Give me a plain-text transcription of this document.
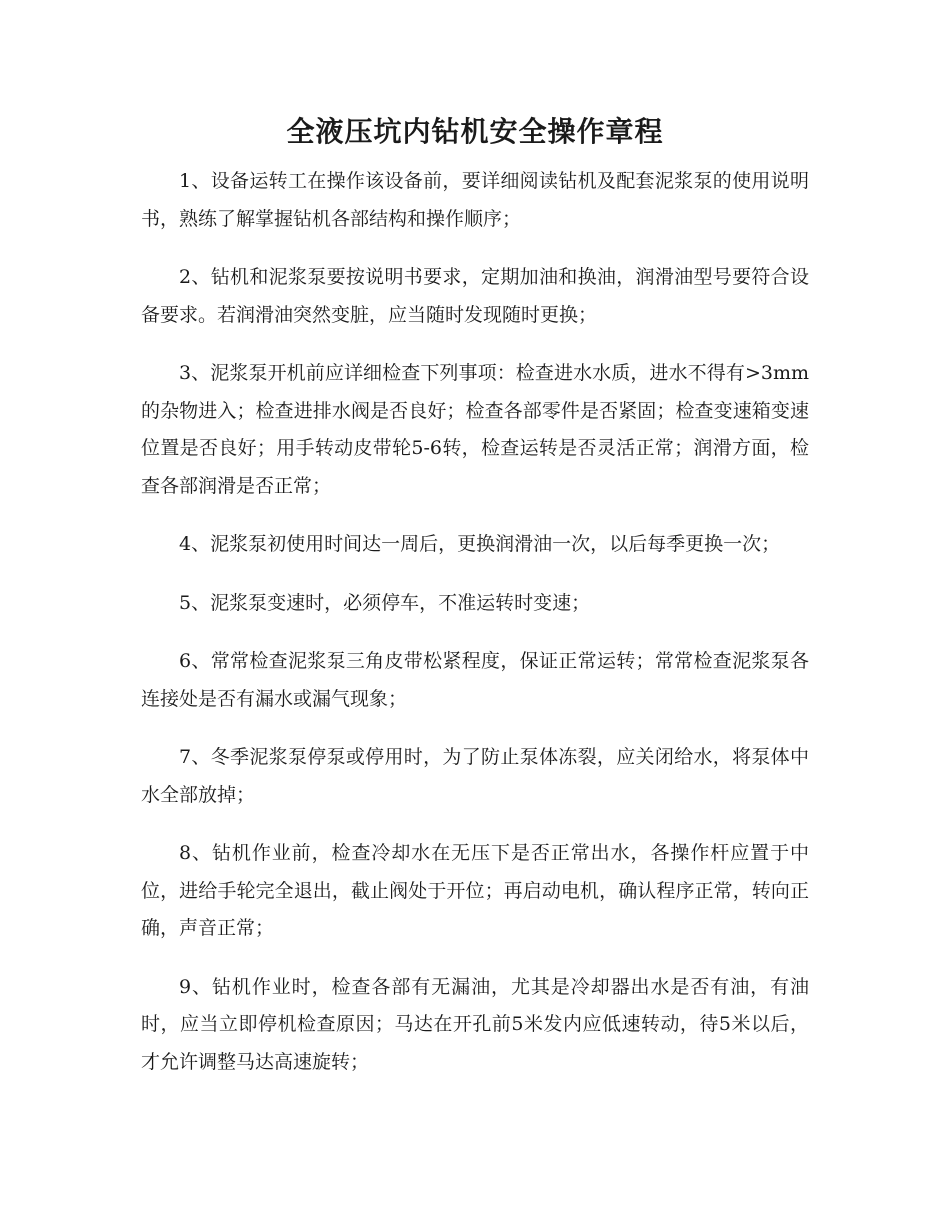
全液压坑内钻机安全操作章程

1、设备运转工在操作该设备前，要详细阅读钻机及配套泥浆泵的使用说明书，熟练了解掌握钻机各部结构和操作顺序；

2、钻机和泥浆泵要按说明书要求，定期加油和换油，润滑油型号要符合设备要求。若润滑油突然变脏，应当随时发现随时更换；

3、泥浆泵开机前应详细检查下列事项：检查进水水质，进水不得有>3mm的杂物进入；检查进排水阀是否良好；检查各部零件是否紧固；检查变速箱变速位置是否良好；用手转动皮带轮5-6转，检查运转是否灵活正常；润滑方面，检查各部润滑是否正常；

4、泥浆泵初使用时间达一周后，更换润滑油一次，以后每季更换一次；

5、泥浆泵变速时，必须停车，不准运转时变速；

6、常常检查泥浆泵三角皮带松紧程度，保证正常运转；常常检查泥浆泵各连接处是否有漏水或漏气现象；

7、冬季泥浆泵停泵或停用时，为了防止泵体冻裂，应关闭给水，将泵体中水全部放掉；

8、钻机作业前，检查冷却水在无压下是否正常出水，各操作杆应置于中位，进给手轮完全退出，截止阀处于开位；再启动电机，确认程序正常，转向正确，声音正常；

9、钻机作业时，检查各部有无漏油，尤其是冷却器出水是否有油，有油时，应当立即停机检查原因；马达在开孔前5米发内应低速转动，待5米以后，才允许调整马达高速旋转；
